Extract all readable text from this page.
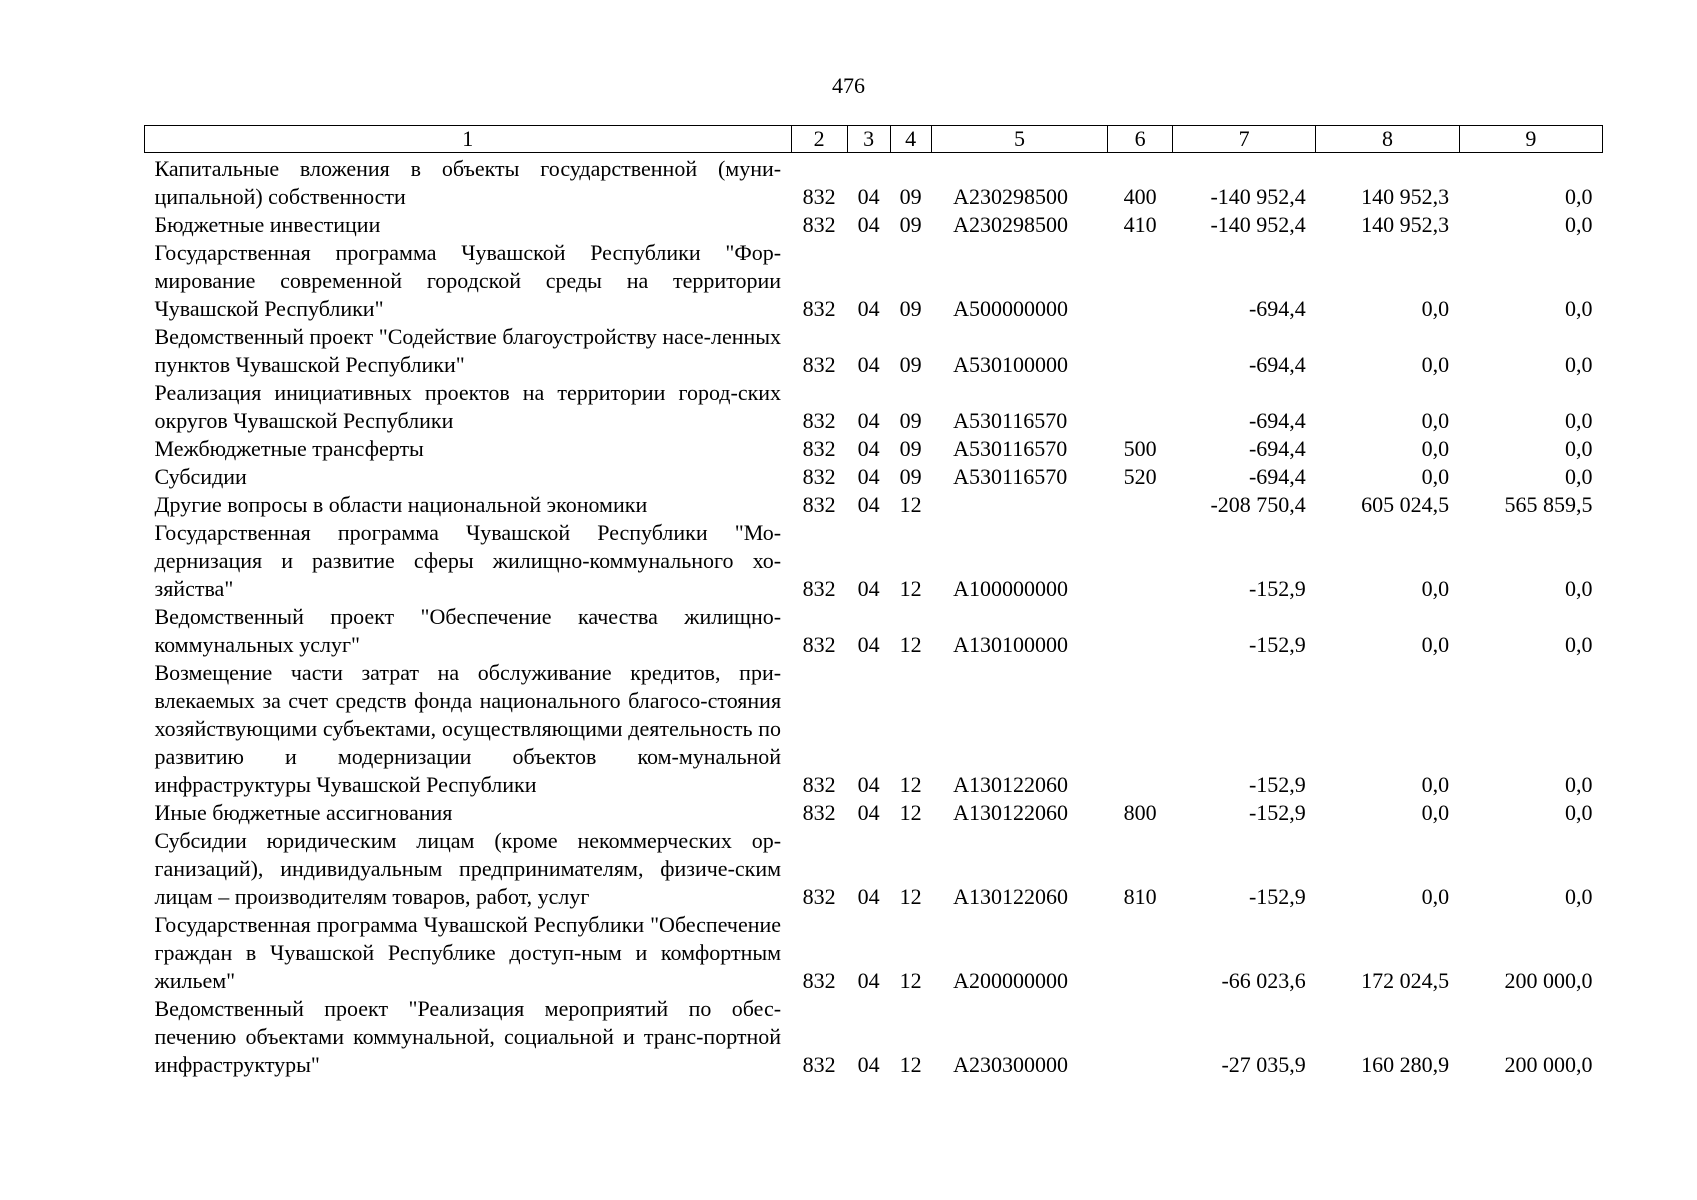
476
1	2	3	4	5	6	7	8	9

Капитальные вложения в объекты государственной (муни-ципальной) собственности	832	04	09	А230298500	400	-140 952,4	140 952,3	0,0
Бюджетные инвестиции	832	04	09	А230298500	410	-140 952,4	140 952,3	0,0
Государственная программа Чувашской Республики "Фор-мирование современной городской среды на территории Чувашской Республики"	832	04	09	А500000000		-694,4	0,0	0,0
Ведомственный проект "Содействие благоустройству насе-ленных пунктов Чувашской Республики"	832	04	09	А530100000		-694,4	0,0	0,0
Реализация инициативных проектов на территории город-ских округов Чувашской Республики	832	04	09	А530116570		-694,4	0,0	0,0
Межбюджетные трансферты	832	04	09	А530116570	500	-694,4	0,0	0,0
Субсидии	832	04	09	А530116570	520	-694,4	0,0	0,0
Другие вопросы в области национальной экономики	832	04	12			-208 750,4	605 024,5	565 859,5
Государственная программа Чувашской Республики "Мо-дернизация и развитие сферы жилищно-коммунального хо-зяйства"	832	04	12	А100000000		-152,9	0,0	0,0
Ведомственный проект "Обеспечение качества жилищно-коммунальных услуг"	832	04	12	А130100000		-152,9	0,0	0,0
Возмещение части затрат на обслуживание кредитов, при-влекаемых за счет средств фонда национального благосо-стояния хозяйствующими субъектами, осуществляющими деятельность по развитию и модернизации объектов ком-мунальной инфраструктуры Чувашской Республики	832	04	12	А130122060		-152,9	0,0	0,0
Иные бюджетные ассигнования	832	04	12	А130122060	800	-152,9	0,0	0,0
Субсидии юридическим лицам (кроме некоммерческих ор-ганизаций), индивидуальным предпринимателям, физиче-ским лицам – производителям товаров, работ, услуг	832	04	12	А130122060	810	-152,9	0,0	0,0
Государственная программа Чувашской Республики "Обеспечение граждан в Чувашской Республике доступ-ным и комфортным жильем"	832	04	12	А200000000		-66 023,6	172 024,5	200 000,0
Ведомственный проект "Реализация мероприятий по обес-печению объектами коммунальной, социальной и транс-портной инфраструктуры"	832	04	12	А230300000		-27 035,9	160 280,9	200 000,0
